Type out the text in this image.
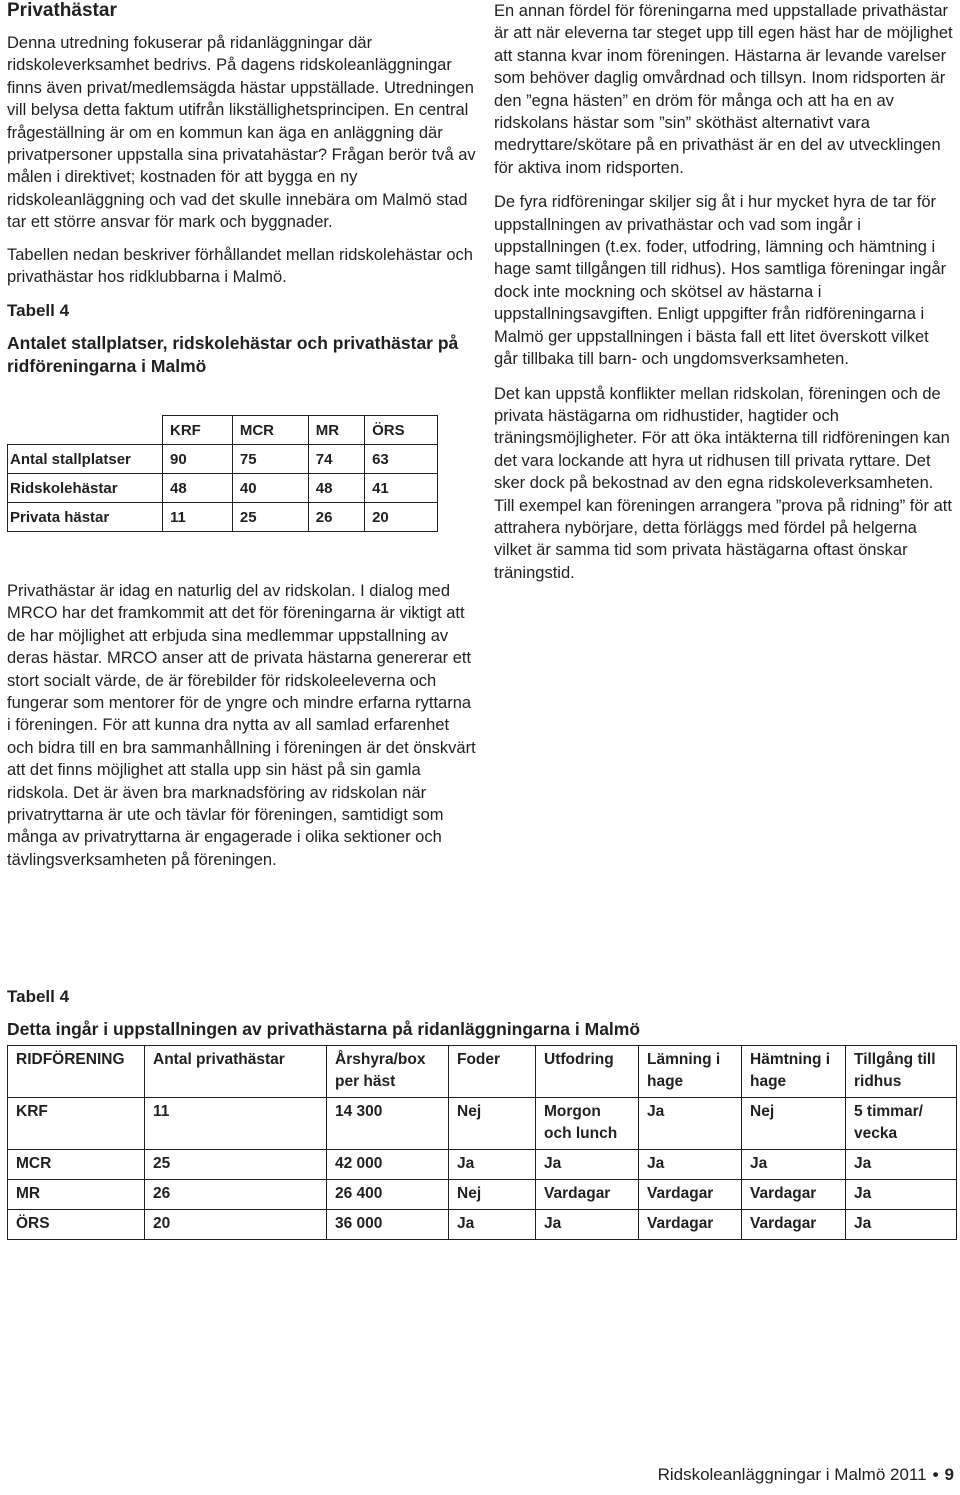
Privathästar

Denna utredning fokuserar på ridanläggningar där ridskoleverksamhet bedrivs. På dagens ridskoleanläggningar finns även privat/medlemsägda hästar uppställade. Utredningen vill belysa detta faktum utifrån likställighetsprincipen. En central frågeställning är om en kommun kan äga en anläggning där privatpersoner uppstalla sina privatahästar? Frågan berör två av målen i direktivet; kostnaden för att bygga en ny ridskoleanläggning och vad det skulle innebära om Malmö stad tar ett större ansvar för mark och byggnader.

Tabellen nedan beskriver förhållandet mellan ridskolehästar och privathästar hos ridklubbarna i Malmö.

Tabell 4
Antalet stallplatser, ridskolehästar och privathästar på ridföreningarna i Malmö
	KRF	MCR	MR	ÖRS
Antal stallplatser	90	75	74	63
Ridskolehästar	48	40	48	41
Privata hästar	11	25	26	20

Privathästar är idag en naturlig del av ridskolan. I dialog med MRCO har det framkommit att det för föreningarna är viktigt att de har möjlighet att erbjuda sina medlemmar uppstallning av deras hästar. MRCO anser att de privata hästarna genererar ett stort socialt värde, de är förebilder för ridskoleeleverna och fungerar som mentorer för de yngre och mindre erfarna ryttarna i föreningen. För att kunna dra nytta av all samlad erfarenhet och bidra till en bra sammanhållning i föreningen är det önskvärt att det finns möjlighet att stalla upp sin häst på sin gamla ridskola. Det är även bra marknadsföring av ridskolan när privatryttarna är ute och tävlar för föreningen, samtidigt som många av privatryttarna är engagerade i olika sektioner och tävlingsverksamheten på föreningen.

En annan fördel för föreningarna med uppstallade privathästar är att när eleverna tar steget upp till egen häst har de möjlighet att stanna kvar inom föreningen. Hästarna är levande varelser som behöver daglig omvårdnad och tillsyn. Inom ridsporten är den ”egna hästen” en dröm för många och att ha en av ridskolans hästar som ”sin” sköthäst alternativt vara medryttare/skötare på en privathäst är en del av utvecklingen för aktiva inom ridsporten.

De fyra ridföreningar skiljer sig åt i hur mycket hyra de tar för uppstallningen av privathästar och vad som ingår i uppstallningen (t.ex. foder, utfodring, lämning och hämtning i hage samt tillgången till ridhus). Hos samtliga föreningar ingår dock inte mockning och skötsel av hästarna i uppstallningsavgiften. Enligt uppgifter från ridföreningarna i Malmö ger uppstallningen i bästa fall ett litet överskott vilket går tillbaka till barn- och ungdomsverksamheten.

Det kan uppstå konflikter mellan ridskolan, föreningen och de privata hästägarna om ridhustider, hagtider och träningsmöjligheter. För att öka intäkterna till ridföreningen kan det vara lockande att hyra ut ridhusen till privata ryttare. Det sker dock på bekostnad av den egna ridskoleverksamheten. Till exempel kan föreningen arrangera ”prova på ridning” för att attrahera nybörjare, detta förläggs med fördel på helgerna vilket är samma tid som privata hästägarna oftast önskar träningstid.

Tabell 4
Detta ingår i uppstallningen av privathästarna på ridanläggningarna i Malmö
RIDFÖRENING	Antal privathästar	Årshyra/box per häst	Foder	Utfodring	Lämning i hage	Hämtning i hage	Tillgång till ridhus
KRF	11	14 300	Nej	Morgon och lunch	Ja	Nej	5 timmar/ vecka
MCR	25	42 000	Ja	Ja	Ja	Ja	Ja
MR	26	26 400	Nej	Vardagar	Vardagar	Vardagar	Ja
ÖRS	20	36 000	Ja	Ja	Vardagar	Vardagar	Ja
Ridskoleanläggningar i Malmö 2011 • 9
